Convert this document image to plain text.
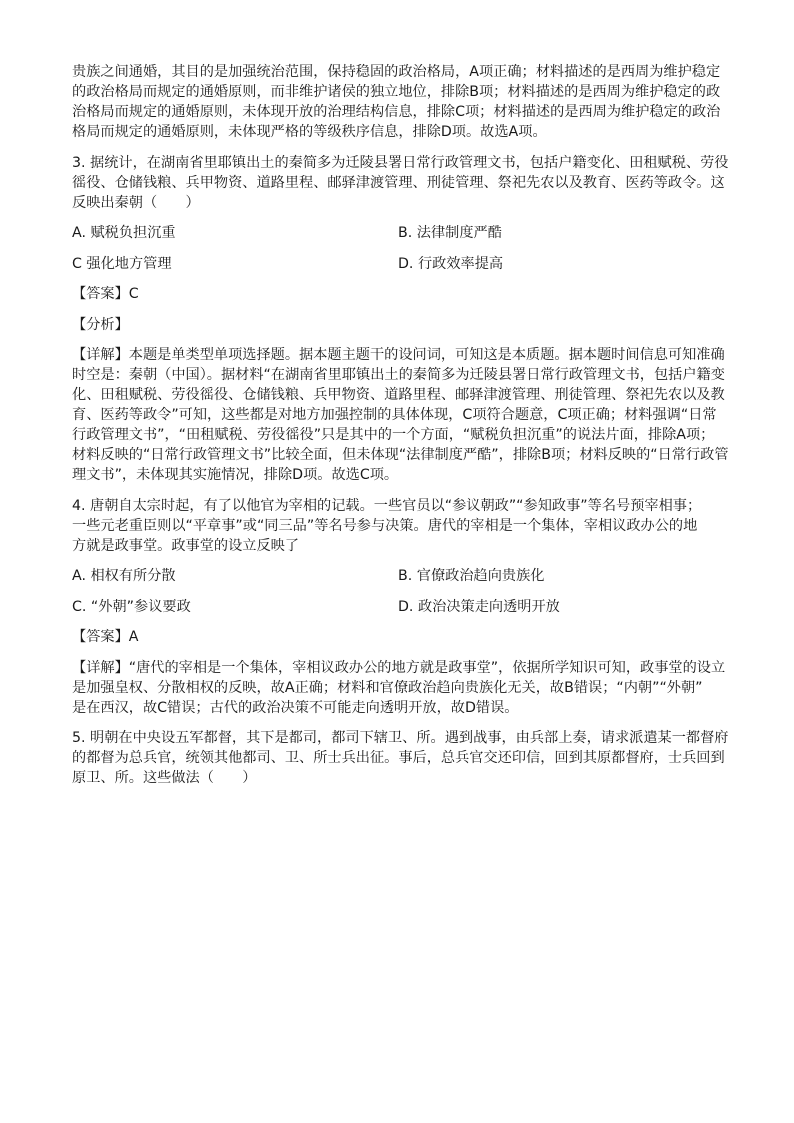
贵族之间通婚，其目的是加强统治范围，保持稳固的政治格局，A项正确；材料描述的是西周为维护稳定

的政治格局而规定的通婚原则，而非维护诸侯的独立地位，排除B项；材料描述的是西周为维护稳定的政

治格局而规定的通婚原则，未体现开放的治理结构信息，排除C项；材料描述的是西周为维护稳定的政治

格局而规定的通婚原则，未体现严格的等级秩序信息，排除D项。故选A项。

3. 据统计，在湖南省里耶镇出土的秦简多为迁陵县署日常行政管理文书，包括户籍变化、田租赋税、劳役

徭役、仓储钱粮、兵甲物资、道路里程、邮驿津渡管理、刑徒管理、祭祀先农以及教育、医药等政令。这

反映出秦朝（　　）

A. 赋税负担沉重	B. 法律制度严酷
C 强化地方管理	D. 行政效率提高

【答案】C

【分析】

【详解】本题是单类型单项选择题。据本题主题干的设问词，可知这是本质题。据本题时间信息可知准确

时空是：秦朝（中国）。据材料“在湖南省里耶镇出土的秦简多为迁陵县署日常行政管理文书，包括户籍变

化、田租赋税、劳役徭役、仓储钱粮、兵甲物资、道路里程、邮驿津渡管理、刑徒管理、祭祀先农以及教

育、医药等政令”可知，这些都是对地方加强控制的具体体现，C项符合题意，C项正确；材料强调“日常

行政管理文书”，“田租赋税、劳役徭役”只是其中的一个方面，“赋税负担沉重”的说法片面，排除A项；

材料反映的“日常行政管理文书”比较全面，但未体现“法律制度严酷”，排除B项；材料反映的“日常行政管

理文书”，未体现其实施情况，排除D项。故选C项。

4. 唐朝自太宗时起，有了以他官为宰相的记载。一些官员以“参议朝政”“参知政事”等名号预宰相事；

一些元老重臣则以“平章事”或“同三品”等名号参与决策。唐代的宰相是一个集体，宰相议政办公的地

方就是政事堂。政事堂的设立反映了

A. 相权有所分散	B. 官僚政治趋向贵族化
C. “外朝”参议要政	D. 政治决策走向透明开放

【答案】A

【详解】“唐代的宰相是一个集体，宰相议政办公的地方就是政事堂”，依据所学知识可知，政事堂的设立

是加强皇权、分散相权的反映，故A正确；材料和官僚政治趋向贵族化无关，故B错误；“内朝”“外朝”

是在西汉，故C错误；古代的政治决策不可能走向透明开放，故D错误。

5. 明朝在中央设五军都督，其下是都司，都司下辖卫、所。遇到战事，由兵部上奏，请求派遣某一都督府

的都督为总兵官，统领其他都司、卫、所士兵出征。事后，总兵官交还印信，回到其原都督府，士兵回到

原卫、所。这些做法（　　）
